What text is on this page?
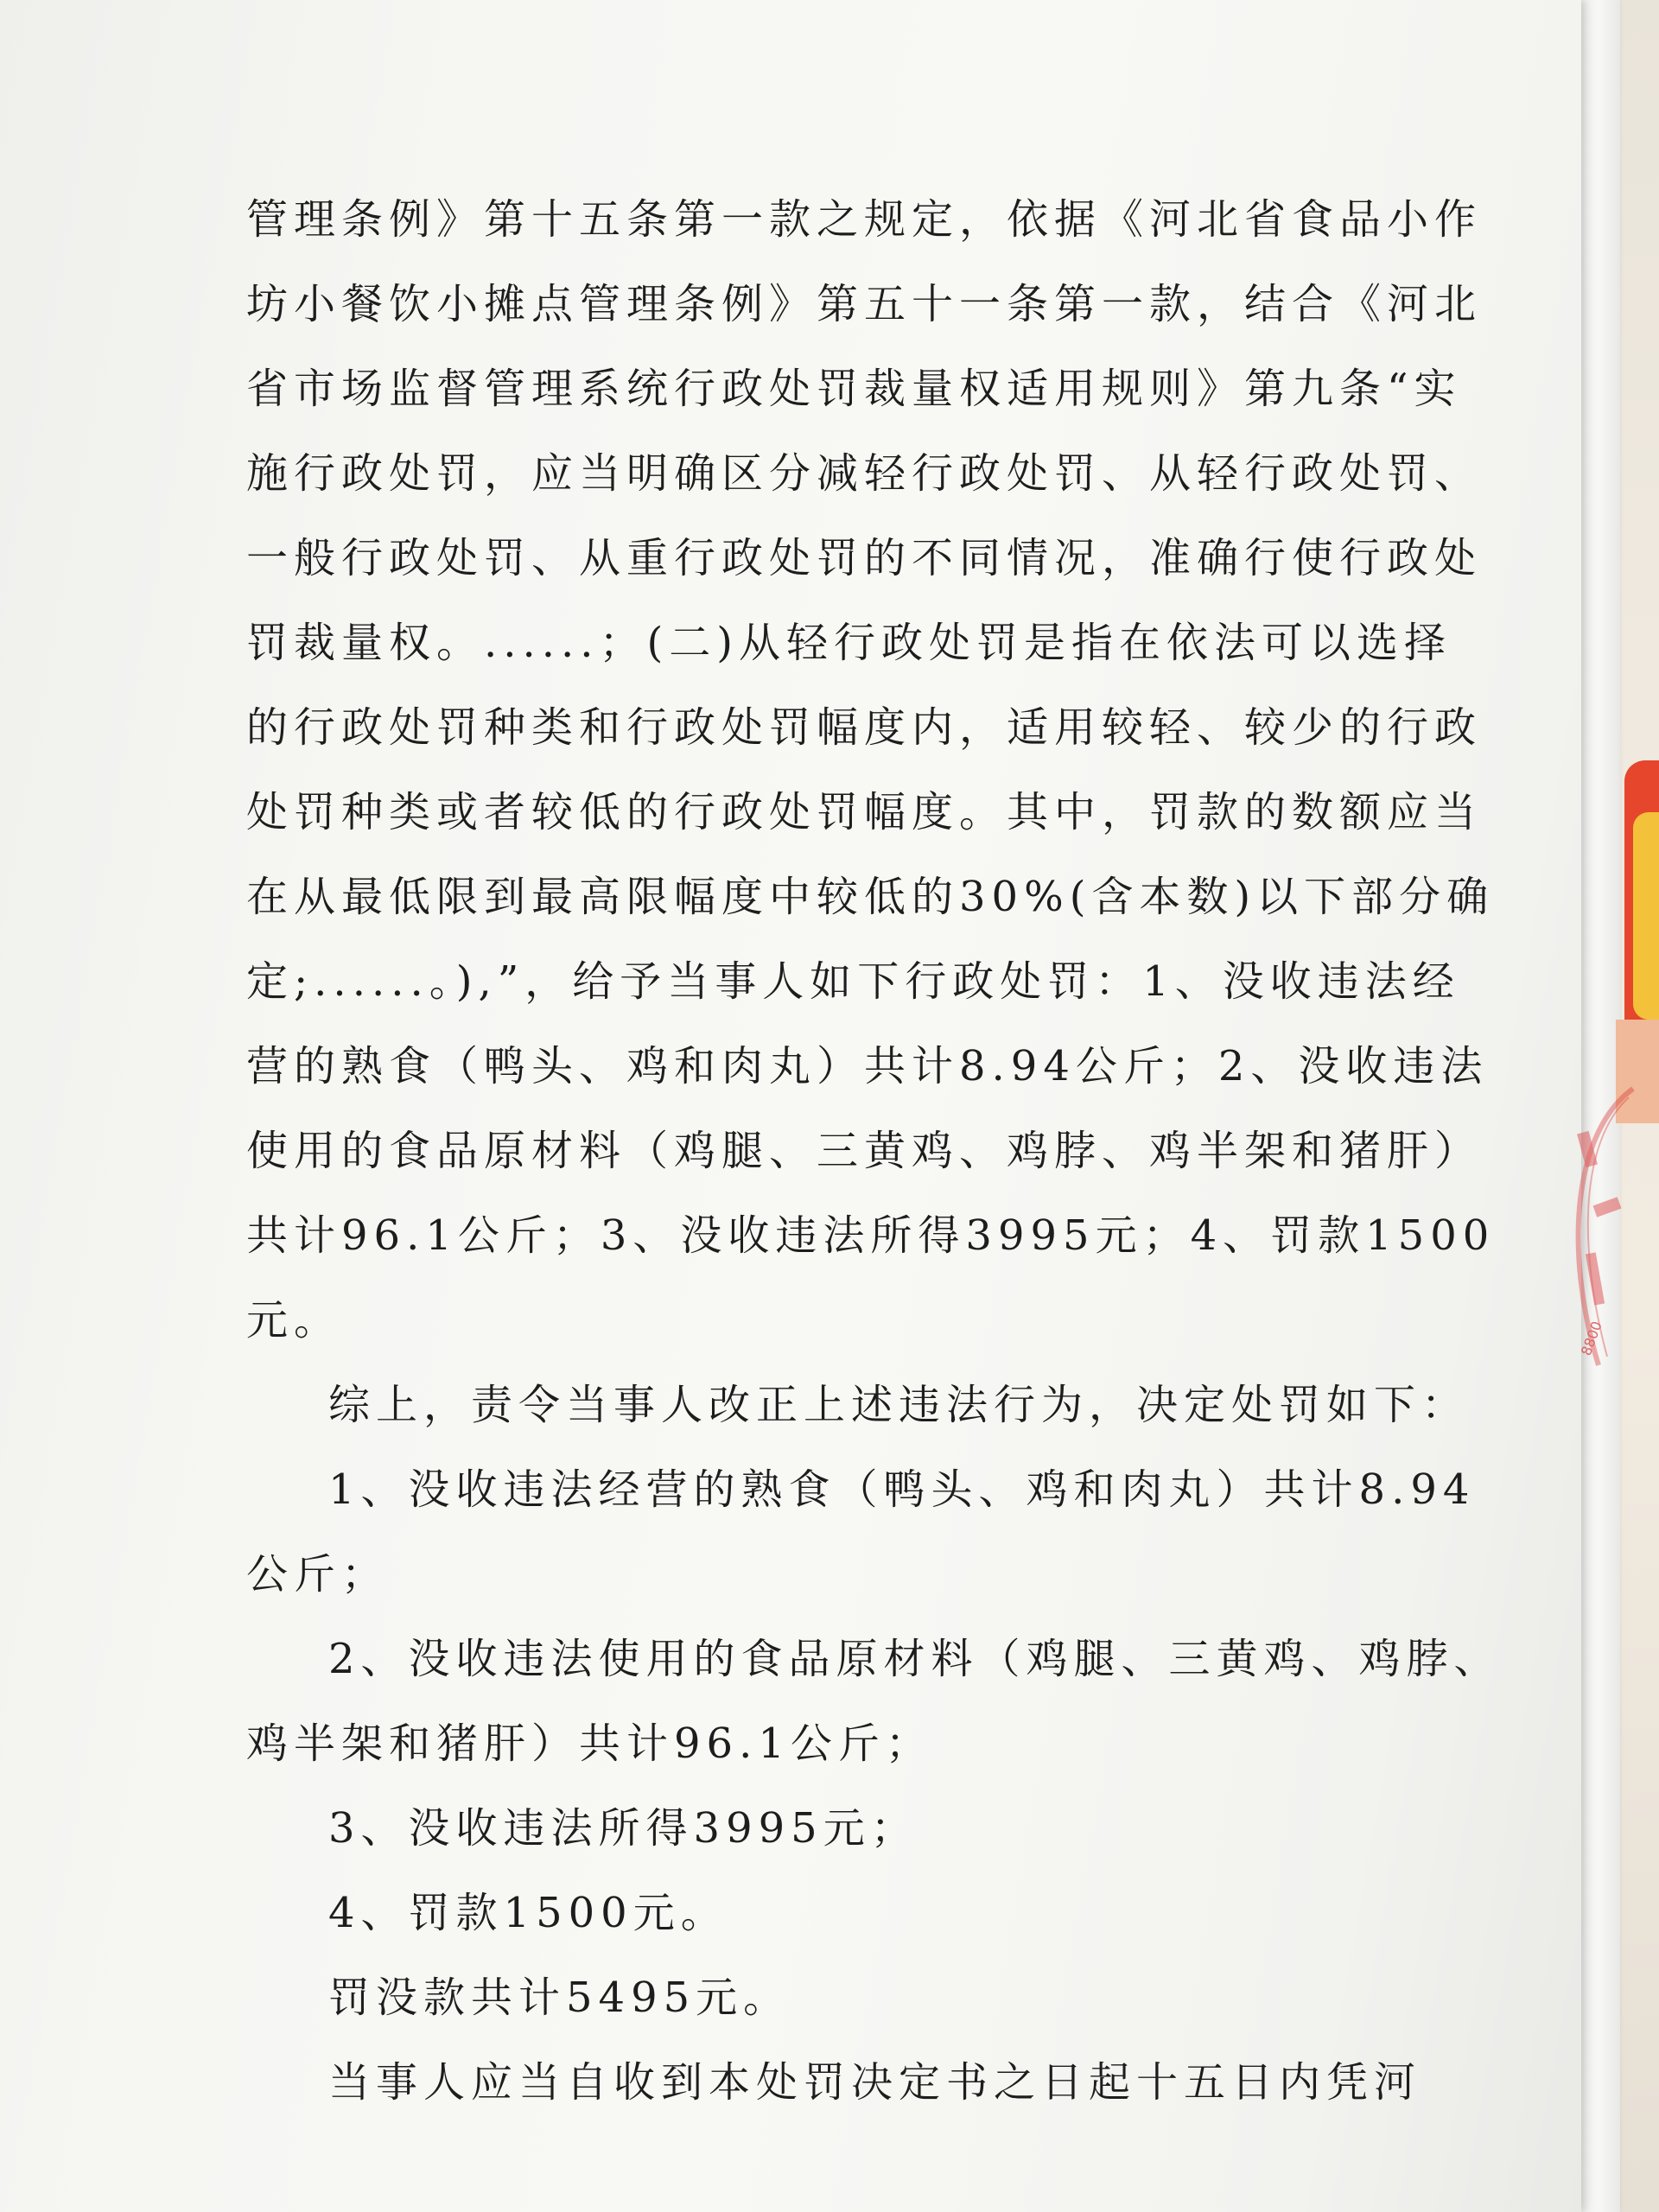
管理条例》第十五条第一款之规定，依据《河北省食品小作
坊小餐饮小摊点管理条例》第五十一条第一款，结合《河北
省市场监督管理系统行政处罚裁量权适用规则》第九条“实
施行政处罚，应当明确区分减轻行政处罚、从轻行政处罚、
一般行政处罚、从重行政处罚的不同情况，准确行使行政处
罚裁量权。......；(二)从轻行政处罚是指在依法可以选择
的行政处罚种类和行政处罚幅度内，适用较轻、较少的行政
处罚种类或者较低的行政处罚幅度。其中，罚款的数额应当
在从最低限到最高限幅度中较低的30%(含本数)以下部分确
定;......。),”，给予当事人如下行政处罚：1、没收违法经
营的熟食（鸭头、鸡和肉丸）共计8.94公斤；2、没收违法
使用的食品原材料（鸡腿、三黄鸡、鸡脖、鸡半架和猪肝）
共计96.1公斤；3、没收违法所得3995元；4、罚款1500
元。
综上，责令当事人改正上述违法行为，决定处罚如下：
1、没收违法经营的熟食（鸭头、鸡和肉丸）共计8.94
公斤；
2、没收违法使用的食品原材料（鸡腿、三黄鸡、鸡脖、
鸡半架和猪肝）共计96.1公斤；
3、没收违法所得3995元；
4、罚款1500元。
罚没款共计5495元。
当事人应当自收到本处罚决定书之日起十五日内凭河
8800
